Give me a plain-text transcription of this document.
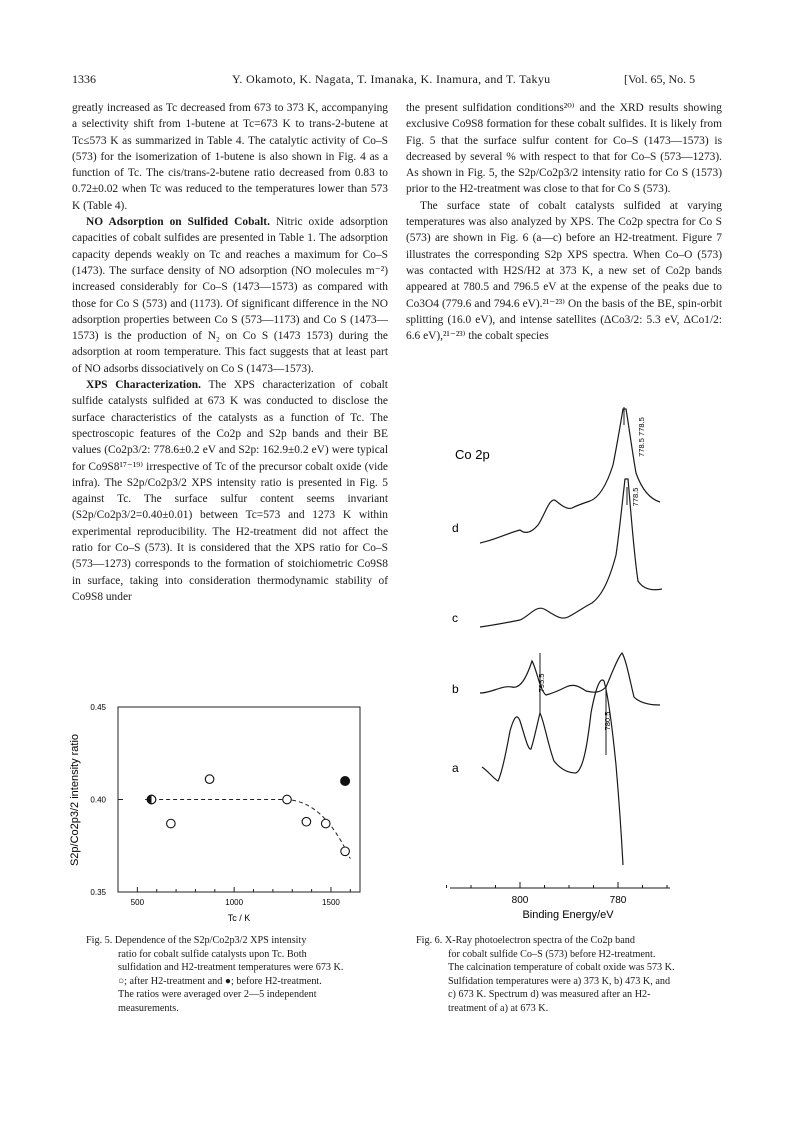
1336	Y. Okamoto, K. Nagata, T. Imanaka, K. Inamura, and T. Takyu	[Vol. 65, No. 5

greatly increased as Tc decreased from 673 to 373 K, accompanying a selectivity shift from 1-butene at Tc=673 K to trans-2-butene at Tc≤573 K as summarized in Table 4. The catalytic activity of Co–S (573) for the isomerization of 1-butene is also shown in Fig. 4 as a function of Tc. The cis/trans-2-butene ratio decreased from 0.83 to 0.72±0.02 when Tc was reduced to the temperatures lower than 573 K (Table 4).

NO Adsorption on Sulfided Cobalt. Nitric oxide adsorption capacities of cobalt sulfides are presented in Table 1. The adsorption capacity depends weakly on Tc and reaches a maximum for Co–S (1473). The surface density of NO adsorption (NO molecules m⁻²) increased considerably for Co–S (1473—1573) as compared with those for Co S (573) and (1173). Of significant difference in the NO adsorption properties between Co S (573—1173) and Co S (1473—1573) is the production of N₂ on Co S (1473 1573) during the adsorption at room temperature. This fact suggests that at least part of NO adsorbs dissociatively on Co S (1473—1573).

XPS Characterization. The XPS characterization of cobalt sulfide catalysts sulfided at 673 K was conducted to disclose the surface characteristics of the catalysts as a function of Tc. The spectroscopic features of the Co2p and S2p bands and their BE values (Co2p3/2: 778.6±0.2 eV and S2p: 162.9±0.2 eV) were typical for Co9S8¹⁷⁻¹⁹⁾ irrespective of Tc of the precursor cobalt oxide (vide infra). The S2p/Co2p3/2 XPS intensity ratio is presented in Fig. 5 against Tc. The surface sulfur content seems invariant (S2p/Co2p3/2=0.40±0.01) between Tc=573 and 1273 K within experimental reproducibility. The H2-treatment did not affect the ratio for Co–S (573). It is considered that the XPS ratio for Co–S (573—1273) corresponds to the formation of stoichiometric Co9S8 in surface, taking into consideration thermodynamic stability of Co9S8 under

the present sulfidation conditions²⁰⁾ and the XRD results showing exclusive Co9S8 formation for these cobalt sulfides. It is likely from Fig. 5 that the surface sulfur content for Co–S (1473—1573) is decreased by several % with respect to that for Co–S (573—1273). As shown in Fig. 5, the S2p/Co2p3/2 intensity ratio for Co S (1573) prior to the H2-treatment was close to that for Co S (573).

The surface state of cobalt catalysts sulfided at varying temperatures was also analyzed by XPS. The Co2p spectra for Co S (573) are shown in Fig. 6 (a—c) before an H2-treatment. Figure 7 illustrates the corresponding S2p XPS spectra. When Co–O (573) was contacted with H2S/H2 at 373 K, a new set of Co2p bands appeared at 780.5 and 796.5 eV at the expense of the peaks due to Co3O4 (779.6 and 794.6 eV).²¹⁻²³⁾ On the basis of the BE, spin-orbit splitting (16.0 eV), and intense satellites (ΔCo3/2: 5.3 eV, ΔCo1/2: 6.6 eV),²¹⁻²³⁾ the cobalt species

S2p/Co2p3/2 intensity ratio
0.45
0.40
0.35
500	1000	1500
Tc / K
Fig. 5. Dependence of the S2p/Co2p3/2 XPS intensity
ratio for cobalt sulfide catalysts upon Tc. Both
sulfidation and H2-treatment temperatures were 673 K.
○; after H2-treatment and ●; before H2-treatment.
The ratios were averaged over 2—5 independent
measurements.
Co 2p
d
c
b
a
778.5 778.5
778.5
795.5
780.5
800	780
Binding Energy/eV
Fig. 6. X-Ray photoelectron spectra of the Co2p band
for cobalt sulfide Co–S (573) before H2-treatment.
The calcination temperature of cobalt oxide was 573 K.
Sulfidation temperatures were a) 373 K, b) 473 K, and
c) 673 K. Spectrum d) was measured after an H2-
treatment of a) at 673 K.
